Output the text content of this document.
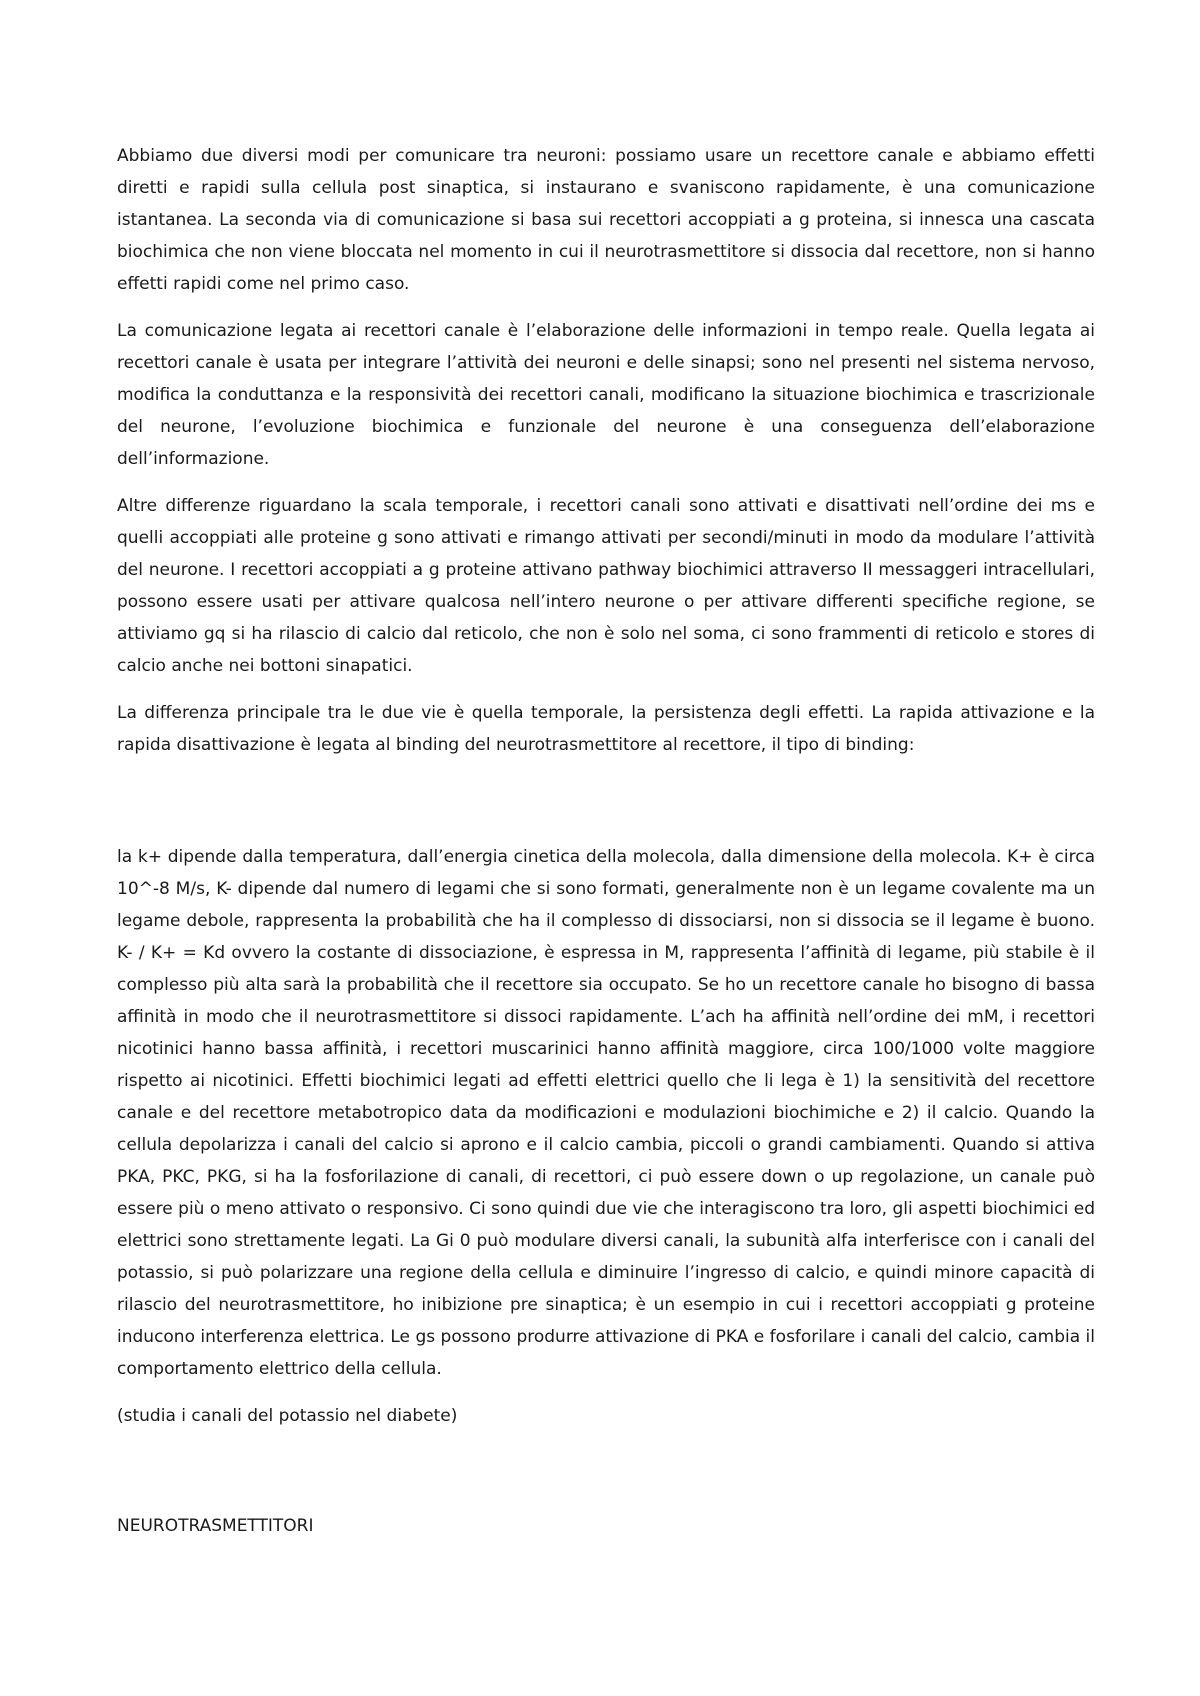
Abbiamo due diversi modi per comunicare tra neuroni: possiamo usare un recettore canale e abbiamo effetti diretti e rapidi sulla cellula post sinaptica, si instaurano e svaniscono rapidamente, è una comunicazione istantanea. La seconda via di comunicazione si basa sui recettori accoppiati a g proteina, si innesca una cascata biochimica che non viene bloccata nel momento in cui il neurotrasmettitore si dissocia dal recettore, non si hanno effetti rapidi come nel primo caso.

La comunicazione legata ai recettori canale è l’elaborazione delle informazioni in tempo reale. Quella legata ai recettori canale è usata per integrare l’attività dei neuroni e delle sinapsi; sono nel presenti nel sistema nervoso, modifica la conduttanza e la responsività dei recettori canali, modificano la situazione biochimica e trascrizionale del neurone, l’evoluzione biochimica e funzionale del neurone è una conseguenza dell’elaborazione dell’informazione.

Altre differenze riguardano la scala temporale, i recettori canali sono attivati e disattivati nell’ordine dei ms e quelli accoppiati alle proteine g sono attivati e rimango attivati per secondi/minuti in modo da modulare l’attività del neurone. I recettori accoppiati a g proteine attivano pathway biochimici attraverso II messaggeri intracellulari, possono essere usati per attivare qualcosa nell’intero neurone o per attivare differenti specifiche regione, se attiviamo gq si ha rilascio di calcio dal reticolo, che non è solo nel soma, ci sono frammenti di reticolo e stores di calcio anche nei bottoni sinapatici.

La differenza principale tra le due vie è quella temporale, la persistenza degli effetti. La rapida attivazione e la rapida disattivazione è legata al binding del neurotrasmettitore al recettore, il tipo di binding:

la k+ dipende dalla temperatura, dall’energia cinetica della molecola, dalla dimensione della molecola. K+ è circa 10^-8 M/s, K- dipende dal numero di legami che si sono formati, generalmente non è un legame covalente ma un legame debole, rappresenta la probabilità che ha il complesso di dissociarsi, non si dissocia se il legame è buono. K- / K+ = Kd ovvero la costante di dissociazione, è espressa in M, rappresenta l’affinità di legame, più stabile è il complesso più alta sarà la probabilità che il recettore sia occupato. Se ho un recettore canale ho bisogno di bassa affinità in modo che il neurotrasmettitore si dissoci rapidamente. L’ach ha affinità nell’ordine dei mM, i recettori nicotinici hanno bassa affinità, i recettori muscarinici hanno affinità maggiore, circa 100/1000 volte maggiore rispetto ai nicotinici. Effetti biochimici legati ad effetti elettrici quello che li lega è 1) la sensitività del recettore canale e del recettore metabotropico data da modificazioni e modulazioni biochimiche e 2) il calcio. Quando la cellula depolarizza i canali del calcio si aprono e il calcio cambia, piccoli o grandi cambiamenti. Quando si attiva PKA, PKC, PKG, si ha la fosforilazione di canali, di recettori, ci può essere down o up regolazione, un canale può essere più o meno attivato o responsivo. Ci sono quindi due vie che interagiscono tra loro, gli aspetti biochimici ed elettrici sono strettamente legati. La Gi 0 può modulare diversi canali, la subunità alfa interferisce con i canali del potassio, si può polarizzare una regione della cellula e diminuire l’ingresso di calcio, e quindi minore capacità di rilascio del neurotrasmettitore, ho inibizione pre sinaptica; è un esempio in cui i recettori accoppiati g proteine inducono interferenza elettrica. Le gs possono produrre attivazione di PKA e fosforilare i canali del calcio, cambia il comportamento elettrico della cellula.

(studia i canali del potassio nel diabete)

NEUROTRASMETTITORI
